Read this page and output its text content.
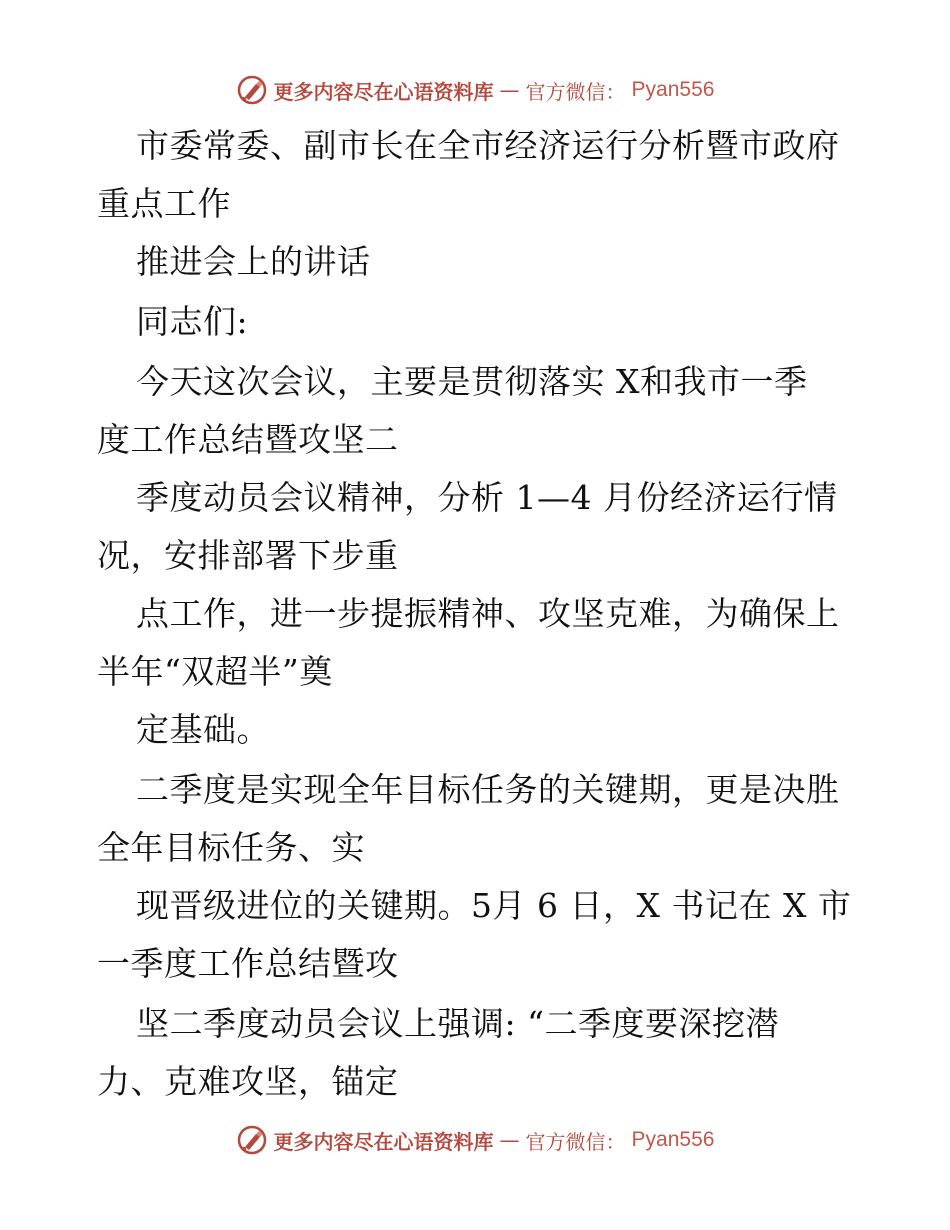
更多内容尽在心语资料库 — 官方微信： Pyan556
市委常委、副市长在全市经济运行分析暨市政府
重点工作
推进会上的讲话
同志们:
今天这次会议，主要是贯彻落实 X和我市一季
度工作总结暨攻坚二
季度动员会议精神，分析 1—4 月份经济运行情
况，安排部署下步重
点工作，进一步提振精神、攻坚克难，为确保上
半年“双超半”奠
定基础。
二季度是实现全年目标任务的关键期，更是决胜
全年目标任务、实
现晋级进位的关键期。5月 6 日，X 书记在 X 市
一季度工作总结暨攻
坚二季度动员会议上强调: “二季度要深挖潜
力、克难攻坚，锚定
更多内容尽在心语资料库 — 官方微信： Pyan556
